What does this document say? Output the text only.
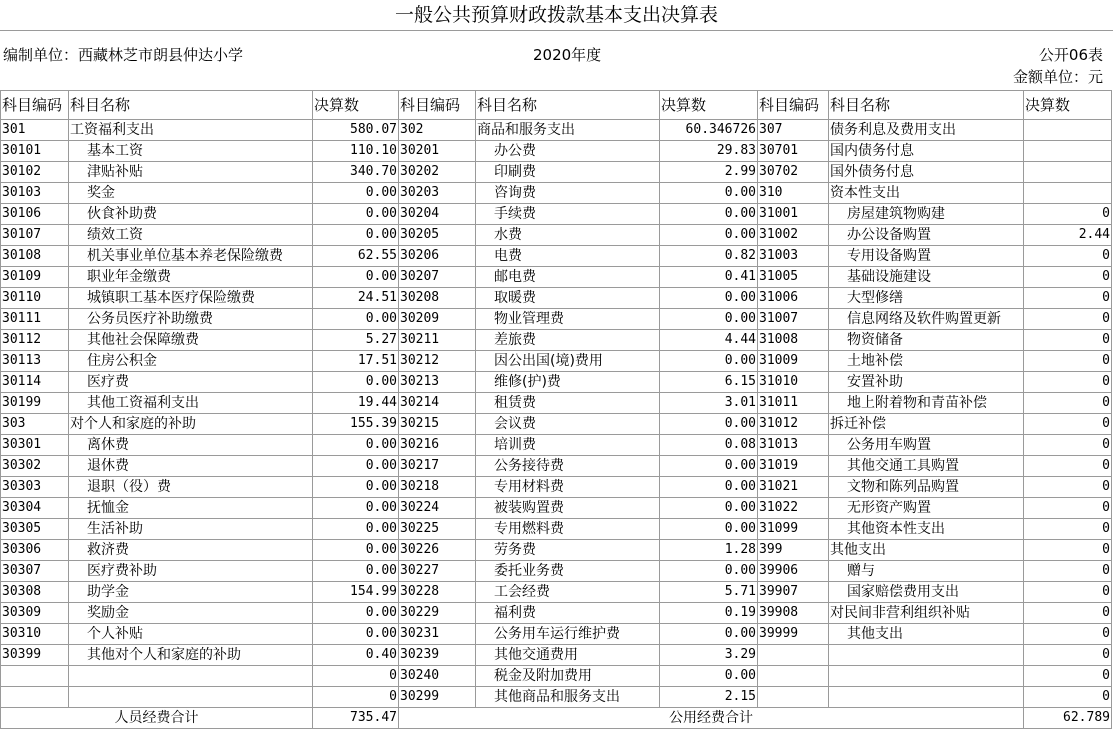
一般公共预算财政拨款基本支出决算表
编制单位：西藏林芝市朗县仲达小学	2020年度	公开06表
金额单位：元
科目编码	科目名称	决算数	科目编码	科目名称	决算数	科目编码	科目名称	决算数
301	工资福利支出	580.07	302	商品和服务支出	60.346726	307	债务利息及费用支出	
30101	基本工资	110.10	30201	办公费	29.83	30701	国内债务付息	
30102	津贴补贴	340.70	30202	印刷费	2.99	30702	国外债务付息	
30103	奖金	0.00	30203	咨询费	0.00	310	资本性支出	
30106	伙食补助费	0.00	30204	手续费	0.00	31001	房屋建筑物购建	0
30107	绩效工资	0.00	30205	水费	0.00	31002	办公设备购置	2.44
30108	机关事业单位基本养老保险缴费	62.55	30206	电费	0.82	31003	专用设备购置	0
30109	职业年金缴费	0.00	30207	邮电费	0.41	31005	基础设施建设	0
30110	城镇职工基本医疗保险缴费	24.51	30208	取暖费	0.00	31006	大型修缮	0
30111	公务员医疗补助缴费	0.00	30209	物业管理费	0.00	31007	信息网络及软件购置更新	0
30112	其他社会保障缴费	5.27	30211	差旅费	4.44	31008	物资储备	0
30113	住房公积金	17.51	30212	因公出国(境)费用	0.00	31009	土地补偿	0
30114	医疗费	0.00	30213	维修(护)费	6.15	31010	安置补助	0
30199	其他工资福利支出	19.44	30214	租赁费	3.01	31011	地上附着物和青苗补偿	0
303	对个人和家庭的补助	155.39	30215	会议费	0.00	31012	拆迁补偿	0
30301	离休费	0.00	30216	培训费	0.08	31013	公务用车购置	0
30302	退休费	0.00	30217	公务接待费	0.00	31019	其他交通工具购置	0
30303	退职（役）费	0.00	30218	专用材料费	0.00	31021	文物和陈列品购置	0
30304	抚恤金	0.00	30224	被装购置费	0.00	31022	无形资产购置	0
30305	生活补助	0.00	30225	专用燃料费	0.00	31099	其他资本性支出	0
30306	救济费	0.00	30226	劳务费	1.28	399	其他支出	0
30307	医疗费补助	0.00	30227	委托业务费	0.00	39906	赠与	0
30308	助学金	154.99	30228	工会经费	5.71	39907	国家赔偿费用支出	0
30309	奖励金	0.00	30229	福利费	0.19	39908	对民间非营利组织补贴	0
30310	个人补贴	0.00	30231	公务用车运行维护费	0.00	39999	其他支出	0
30399	其他对个人和家庭的补助	0.40	30239	其他交通费用	3.29			0
		0	30240	税金及附加费用	0.00			0
		0	30299	其他商品和服务支出	2.15			0
人员经费合计		735.47	公用经费合计					62.789
